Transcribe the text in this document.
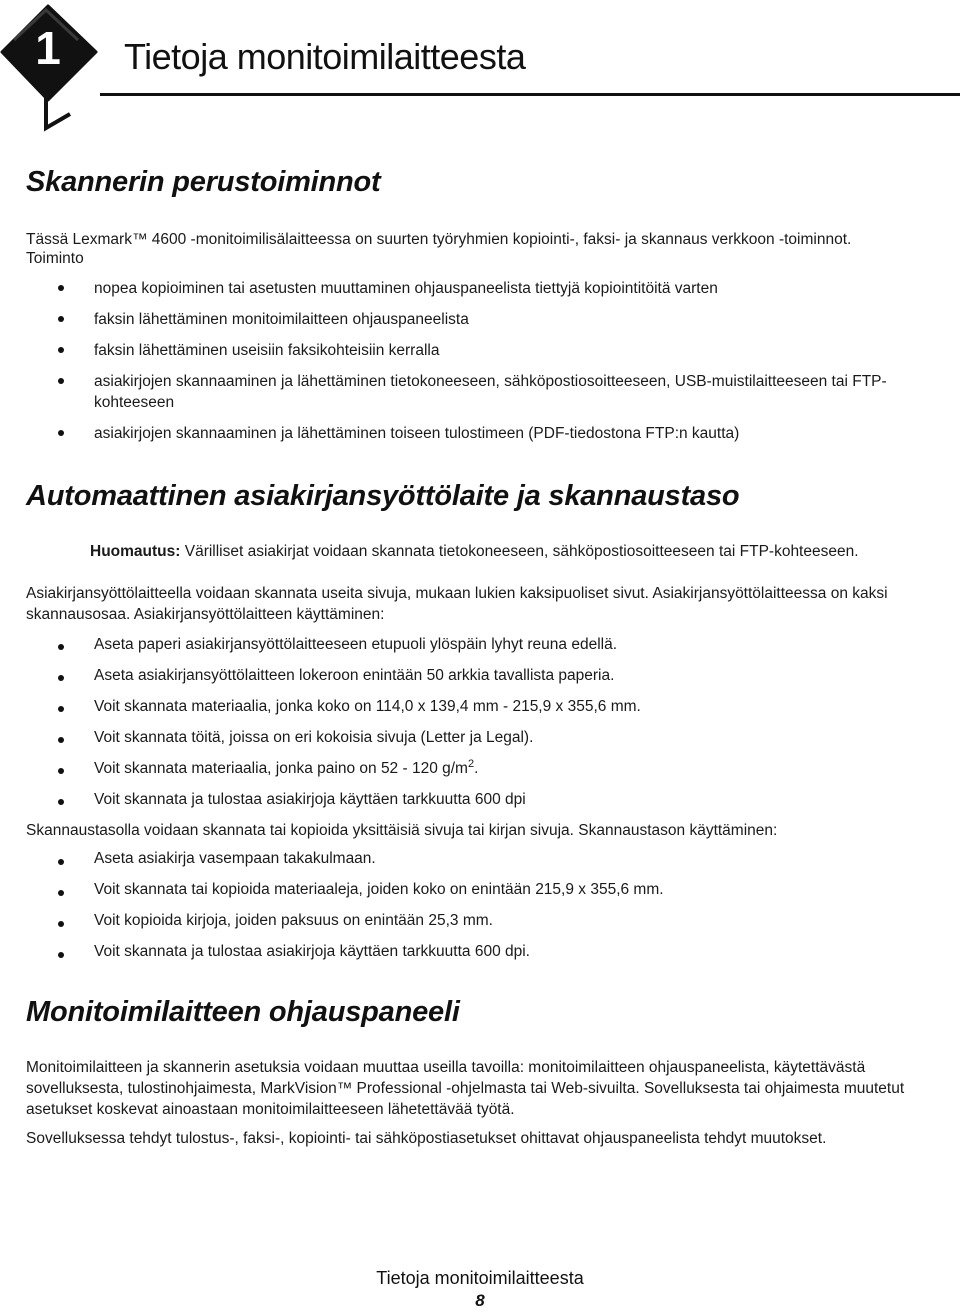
1 Tietoja monitoimilaitteesta
Skannerin perustoiminnot

Tässä Lexmark™ 4600 -monitoimilisälaitteessa on suurten työryhmien kopiointi-, faksi- ja skannaus verkkoon -toiminnot.

Toiminto

nopea kopioiminen tai asetusten muuttaminen ohjauspaneelista tiettyjä kopiointitöitä varten

faksin lähettäminen monitoimilaitteen ohjauspaneelista

faksin lähettäminen useisiin faksikohteisiin kerralla

asiakirjojen skannaaminen ja lähettäminen tietokoneeseen, sähköpostiosoitteeseen, USB-muistilaitteeseen tai FTP-kohteeseen

asiakirjojen skannaaminen ja lähettäminen toiseen tulostimeen (PDF-tiedostona FTP:n kautta)

Automaattinen asiakirjansyöttölaite ja skannaustaso

Huomautus: Värilliset asiakirjat voidaan skannata tietokoneeseen, sähköpostiosoitteeseen tai FTP-kohteeseen.

Asiakirjansyöttölaitteella voidaan skannata useita sivuja, mukaan lukien kaksipuoliset sivut. Asiakirjansyöttölaitteessa on kaksi skannausosaa. Asiakirjansyöttölaitteen käyttäminen:

Aseta paperi asiakirjansyöttölaitteeseen etupuoli ylöspäin lyhyt reuna edellä.

Aseta asiakirjansyöttölaitteen lokeroon enintään 50 arkkia tavallista paperia.

Voit skannata materiaalia, jonka koko on 114,0 x 139,4 mm - 215,9 x 355,6 mm.

Voit skannata töitä, joissa on eri kokoisia sivuja (Letter ja Legal).

Voit skannata materiaalia, jonka paino on 52 - 120 $g/m^2$.

Voit skannata ja tulostaa asiakirjoja käyttäen tarkkuutta 600 dpi

Skannaustasolla voidaan skannata tai kopioida yksittäisiä sivuja tai kirjan sivuja. Skannaustason käyttäminen:

Aseta asiakirja vasempaan takakulmaan.

Voit skannata tai kopioida materiaaleja, joiden koko on enintään 215,9 x 355,6 mm.

Voit kopioida kirjoja, joiden paksuus on enintään 25,3 mm.

Voit skannata ja tulostaa asiakirjoja käyttäen tarkkuutta 600 dpi.

Monitoimilaitteen ohjauspaneeli

Monitoimilaitteen ja skannerin asetuksia voidaan muuttaa useilla tavoilla: monitoimilaitteen ohjauspaneelista, käytettävästä sovelluksesta, tulostinohjaimesta, MarkVision™ Professional -ohjelmasta tai Web-sivuilta. Sovelluksesta tai ohjaimesta muutetut asetukset koskevat ainoastaan monitoimilaitteeseen lähetettävää työtä.

Sovelluksessa tehdyt tulostus-, faksi-, kopiointi- tai sähköpostiasetukset ohittavat ohjauspaneelista tehdyt muutokset.

Tietoja monitoimilaitteesta

8
